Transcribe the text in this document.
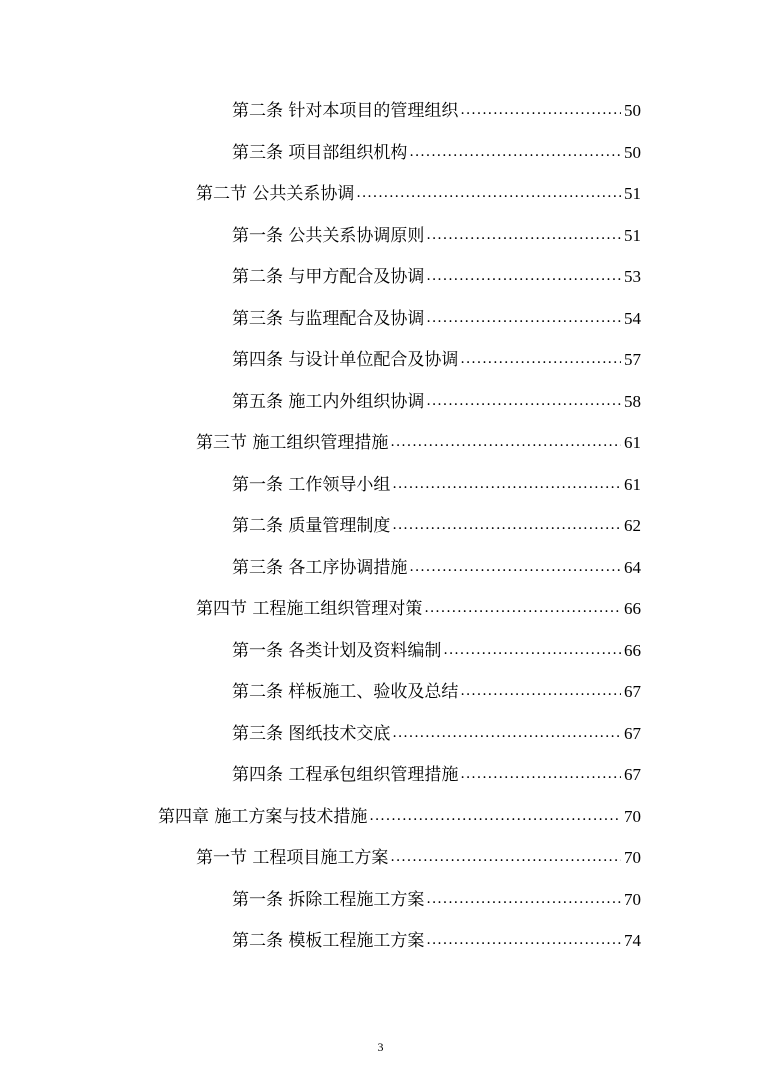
第二条 针对本项目的管理组织 .....	50
第三条 项目部组织机构 .....	50
第二节 公共关系协调 .....	51
第一条 公共关系协调原则 .....	51
第二条 与甲方配合及协调 .....	53
第三条 与监理配合及协调 .....	54
第四条 与设计单位配合及协调 .....	57
第五条 施工内外组织协调 .....	58
第三节 施工组织管理措施 .....	61
第一条 工作领导小组 .....	61
第二条 质量管理制度 .....	62
第三条 各工序协调措施 .....	64
第四节 工程施工组织管理对策 .....	66
第一条 各类计划及资料编制 .....	66
第二条 样板施工、验收及总结 .....	67
第三条 图纸技术交底 .....	67
第四条 工程承包组织管理措施 .....	67
第四章 施工方案与技术措施 .....	70
第一节 工程项目施工方案 .....	70
第一条 拆除工程施工方案 .....	70
第二条 模板工程施工方案 .....	74
3
